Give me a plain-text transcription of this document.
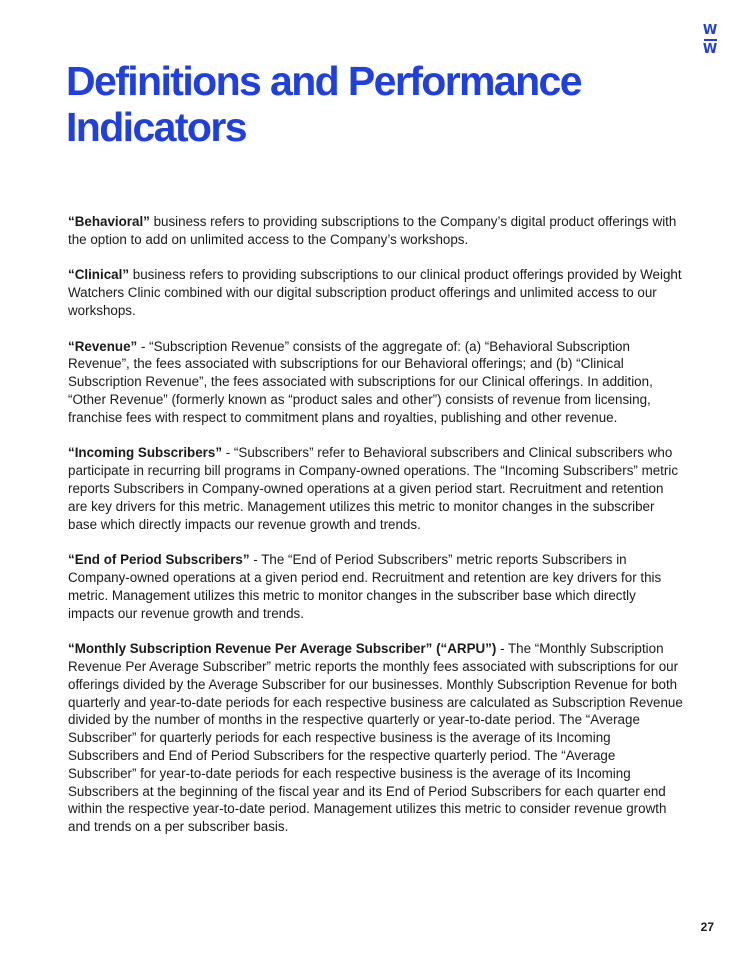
W
W
Definitions and Performance Indicators

“Behavioral” business refers to providing subscriptions to the Company’s digital product offerings with the option to add on unlimited access to the Company’s workshops.

“Clinical” business refers to providing subscriptions to our clinical product offerings provided by Weight Watchers Clinic combined with our digital subscription product offerings and unlimited access to our workshops.

“Revenue” - “Subscription Revenue” consists of the aggregate of: (a) “Behavioral Subscription Revenue”, the fees associated with subscriptions for our Behavioral offerings; and (b) “Clinical Subscription Revenue”, the fees associated with subscriptions for our Clinical offerings. In addition, “Other Revenue” (formerly known as “product sales and other”) consists of revenue from licensing, franchise fees with respect to commitment plans and royalties, publishing and other revenue.

“Incoming Subscribers” - “Subscribers” refer to Behavioral subscribers and Clinical subscribers who participate in recurring bill programs in Company-owned operations. The “Incoming Subscribers” metric reports Subscribers in Company-owned operations at a given period start. Recruitment and retention are key drivers for this metric. Management utilizes this metric to monitor changes in the subscriber base which directly impacts our revenue growth and trends.

“End of Period Subscribers” - The “End of Period Subscribers” metric reports Subscribers in Company-owned operations at a given period end. Recruitment and retention are key drivers for this metric. Management utilizes this metric to monitor changes in the subscriber base which directly impacts our revenue growth and trends.

“Monthly Subscription Revenue Per Average Subscriber” (“ARPU”) - The “Monthly Subscription Revenue Per Average Subscriber” metric reports the monthly fees associated with subscriptions for our offerings divided by the Average Subscriber for our businesses. Monthly Subscription Revenue for both quarterly and year-to-date periods for each respective business are calculated as Subscription Revenue divided by the number of months in the respective quarterly or year-to-date period. The “Average Subscriber” for quarterly periods for each respective business is the average of its Incoming Subscribers and End of Period Subscribers for the respective quarterly period. The “Average Subscriber” for year-to-date periods for each respective business is the average of its Incoming Subscribers at the beginning of the fiscal year and its End of Period Subscribers for each quarter end within the respective year-to-date period. Management utilizes this metric to consider revenue growth and trends on a per subscriber basis.

27
